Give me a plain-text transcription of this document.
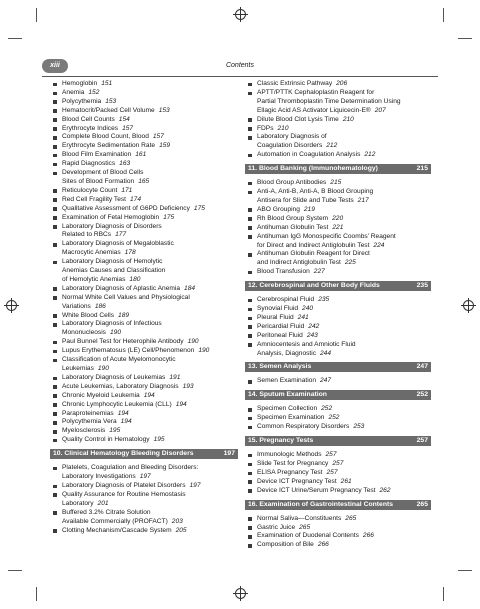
xiii	Contents
Hemoglobin 151
Anemia 152
Polycythemia 153
Hematocrit/Packed Cell Volume 153
Blood Cell Counts 154
Erythrocyte Indices 157
Complete Blood Count, Blood 157
Erythrocyte Sedimentation Rate 159
Blood Film Examination 161
Rapid Diagnostics 163
Development of Blood Cells
Sites of Blood Formation 165
Reticulocyte Count 171
Red Cell Fragility Test 174
Qualitative Assessment of G6PD Deficiency 175
Examination of Fetal Hemoglobin 175
Laboratory Diagnosis of Disorders
Related to RBCs 177
Laboratory Diagnosis of Megaloblastic
Macrocytic Anemias 178
Laboratory Diagnosis of Hemolytic
Anemias Causes and Classification
of Hemolytic Anemias 180
Laboratory Diagnosis of Aplastic Anemia 184
Normal White Cell Values and Physiological
Variations 186
White Blood Cells 189
Laboratory Diagnosis of Infectious
Mononucleosis 190
Paul Bunnel Test for Heterophile Antibody 190
Lupus Erythematosus (LE) Cell/Phenomenon 190
Classification of Acute Myelomonocytic
Leukemias 190
Laboratory Diagnosis of Leukemias 191
Acute Leukemias, Laboratory Diagnosis 193
Chronic Myeloid Leukemia 194
Chronic Lymphocytic Leukemia (CLL) 194
Paraproteinemias 194
Polycythemia Vera 194
Myelosclerosis 195
Quality Control in Hematology 195
10. Clinical Hematology Bleeding Disorders	197
Platelets, Coagulation and Bleeding Disorders:
Laboratory Investigations 197
Laboratory Diagnosis of Platelet Disorders 197
Quality Assurance for Routine Hemostasis
Laboratory 201
Buffered 3.2% Citrate Solution
Available Commercially (PROFACT) 203
Clotting Mechanism/Cascade System 205
Classic Extrinsic Pathway 206
APTT/PTTK Cephaloplastin Reagent for
Partial Thromboplastin Time Determination Using
Ellagic Acid AS Activator Liquicecin-E® 207
Dilute Blood Clot Lysis Time 210
FDPs 210
Laboratory Diagnosis of
Coagulation Disorders 212
Automation in Coagulation Analysis 212
11. Blood Banking (Immunohematology)	215
Blood Group Antibodies 215
Anti-A, Anti-B, Anti-A, B Blood Grouping
Antisera for Slide and Tube Tests 217
ABO Grouping 219
Rh Blood Group System 220
Antihuman Globulin Test 221
Antihuman IgG Monospecific Coombs' Reagent
for Direct and Indirect Antiglobulin Test 224
Antihuman Globulin Reagent for Direct
and Indirect Antiglobulin Test 225
Blood Transfusion 227
12. Cerebrospinal and Other Body Fluids	235
Cerebrospinal Fluid 235
Synovial Fluid 240
Pleural Fluid 241
Pericardial Fluid 242
Peritoneal Fluid 243
Amniocentesis and Amniotic Fluid
Analysis, Diagnostic 244
13. Semen Analysis	247
Semen Examination 247
14. Sputum Examination	252
Specimen Collection 252
Specimen Examination 252
Common Respiratory Disorders 253
15. Pregnancy Tests	257
Immunologic Methods 257
Slide Test for Pregnancy 257
ELISA Pregnancy Test 257
Device ICT Pregnancy Test 261
Device ICT Urine/Serum Pregnancy Test 262
16. Examination of Gastrointestinal Contents	265
Normal Saliva—Constituents 265
Gastric Juice 265
Examination of Duodenal Contents 266
Composition of Bile 266
